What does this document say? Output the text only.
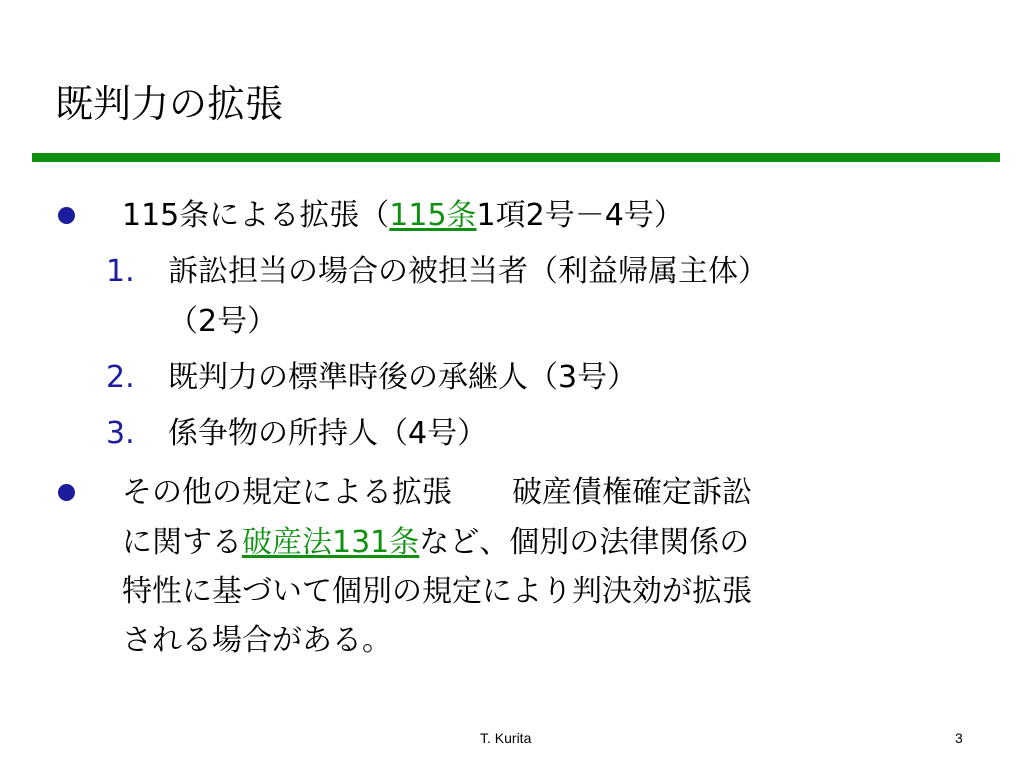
既判力の拡張
115条による拡張（115条1項2号－4号）
1. 訴訟担当の場合の被担当者（利益帰属主体）
（2号）
2. 既判力の標準時後の承継人（3号）
3. 係争物の所持人（4号）
その他の規定による拡張　　破産債権確定訴訟
に関する破産法131条など、個別の法律関係の
特性に基づいて個別の規定により判決効が拡張
される場合がある。
T. Kurita	3
